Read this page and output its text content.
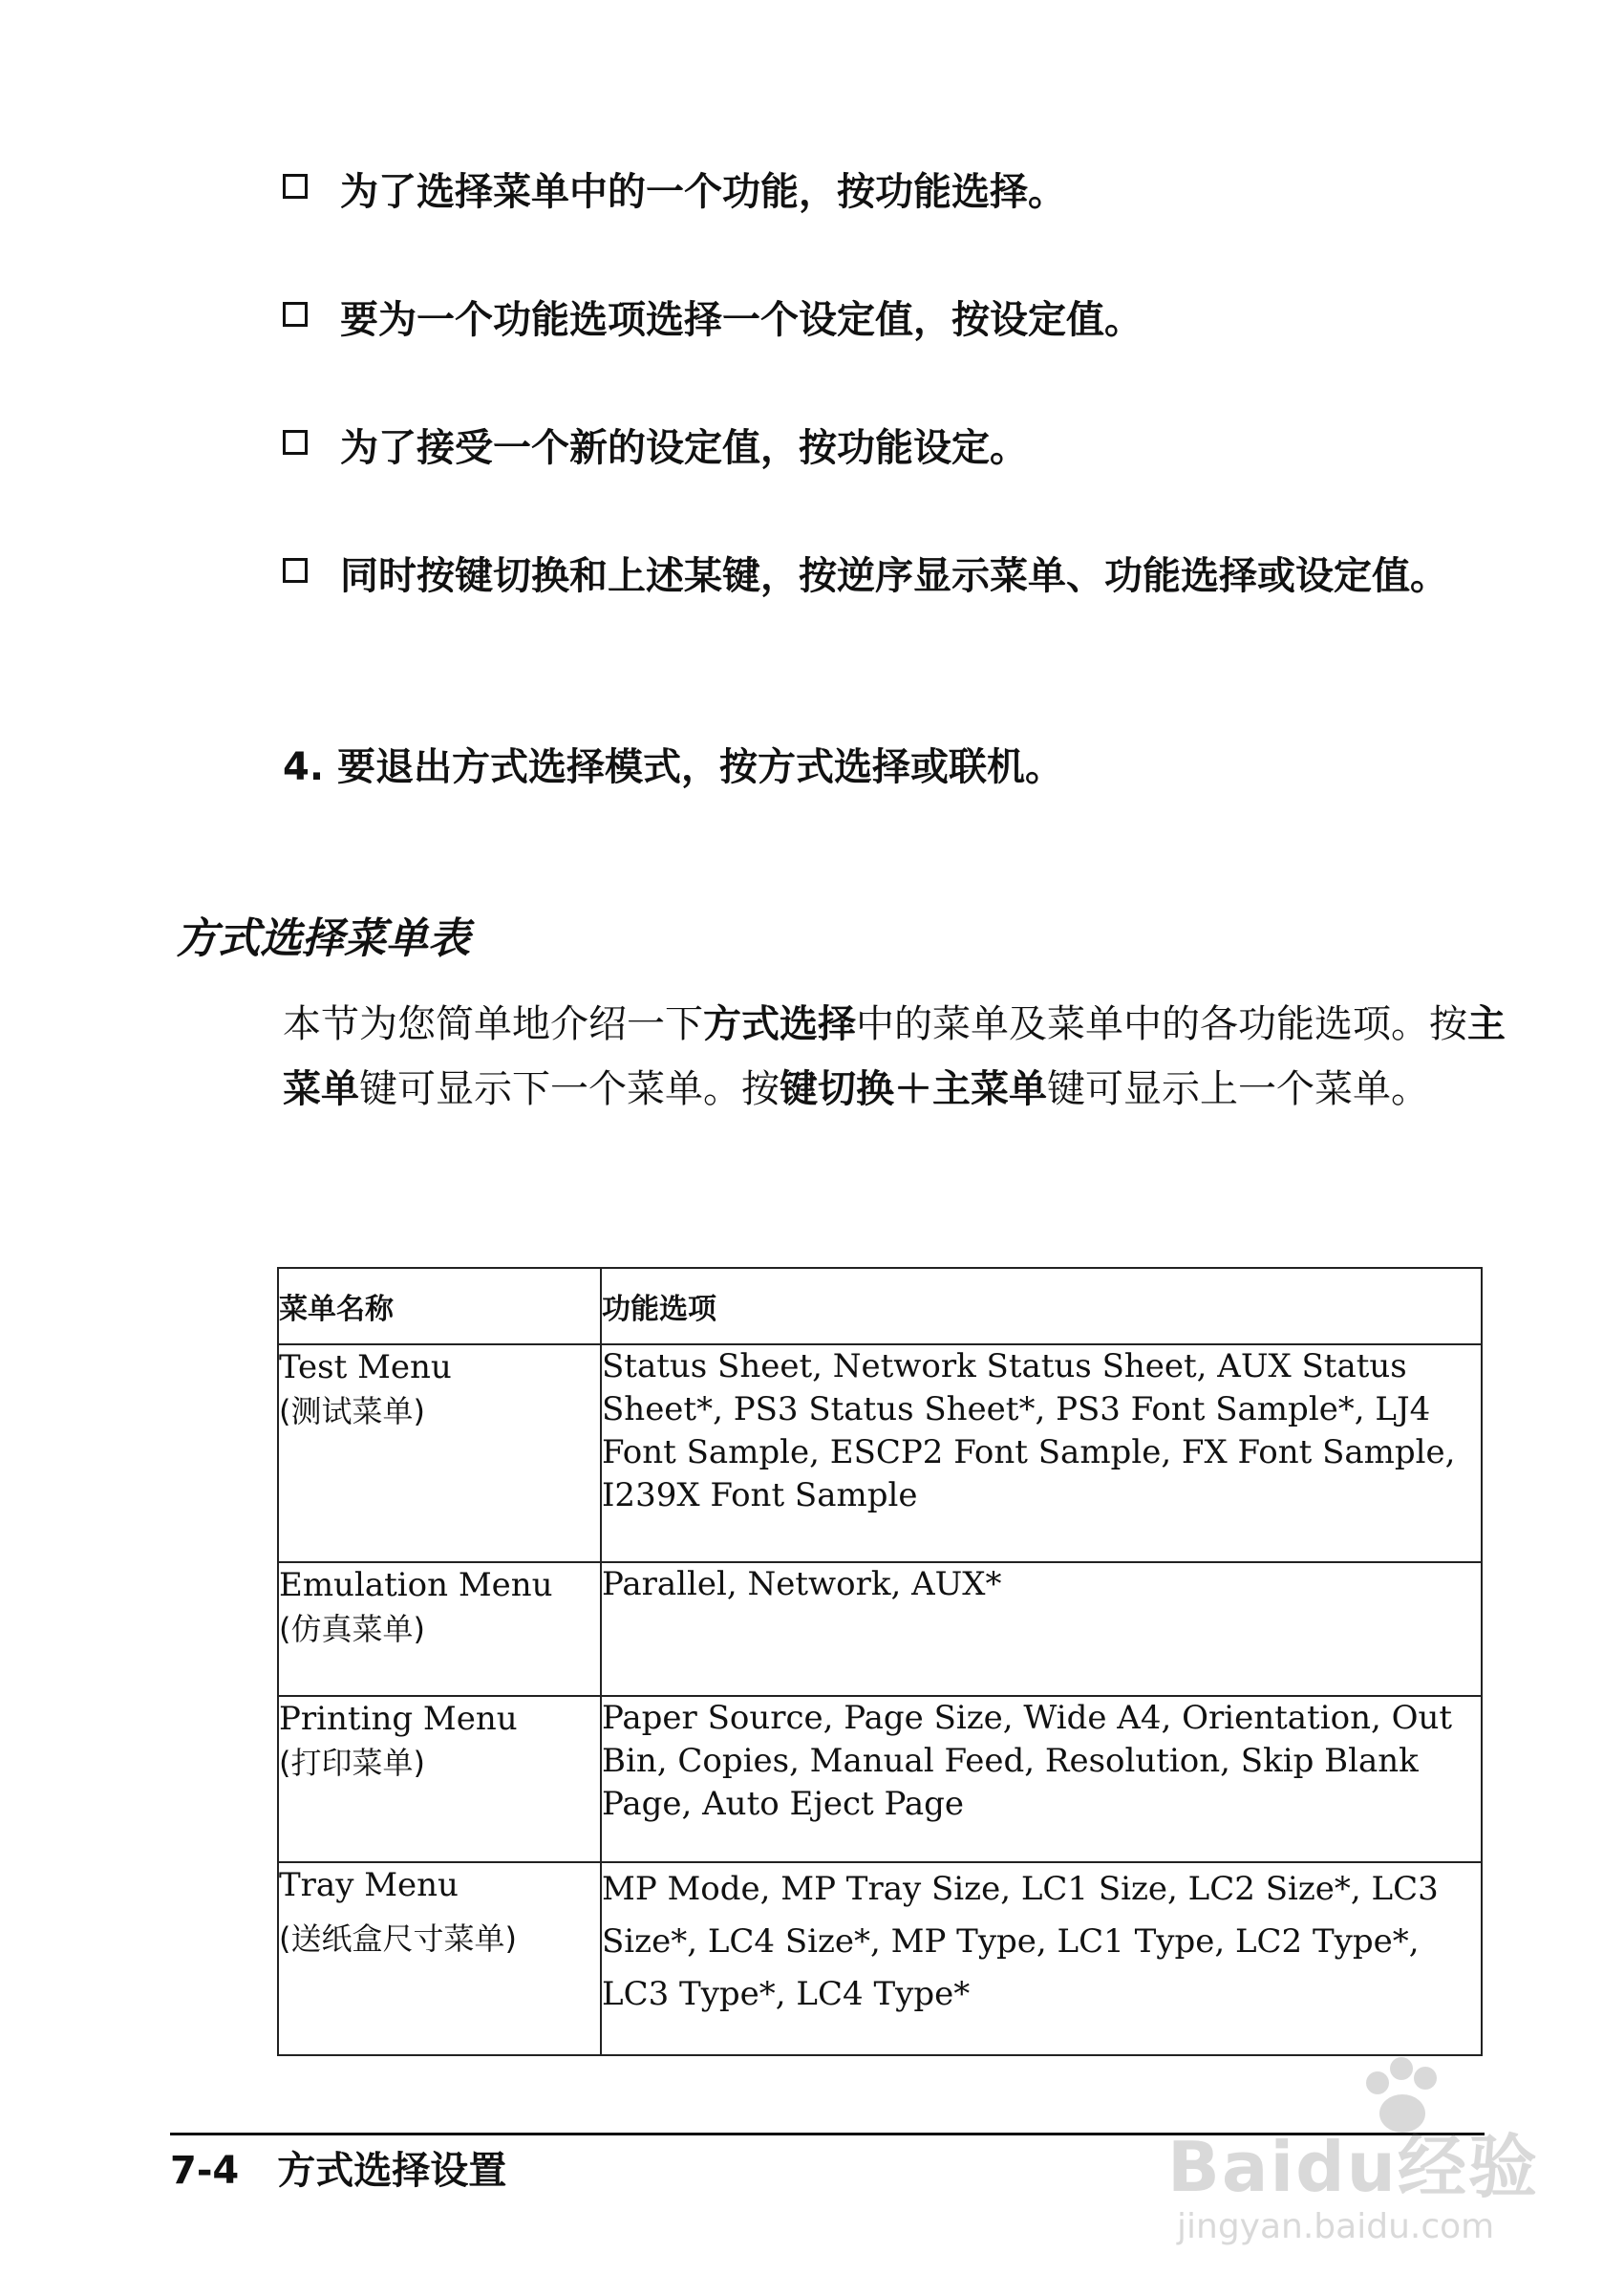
为了选择菜单中的一个功能，按功能选择。
要为一个功能选项选择一个设定值，按设定值。
为了接受一个新的设定值，按功能设定。
同时按键切换和上述某键，按逆序显示菜单、功能选择或设定值。
4. 要退出方式选择模式，按方式选择或联机。
方式选择菜单表
本节为您简单地介绍一下方式选择中的菜单及菜单中的各功能选项。按主菜单键可显示下一个菜单。按键切换＋主菜单键可显示上一个菜单。
菜单名称	功能选项
Test Menu
(测试菜单)	Status Sheet, Network Status Sheet, AUX Status Sheet*, PS3 Status Sheet*, PS3 Font Sample*, LJ4 Font Sample, ESCP2 Font Sample, FX Font Sample, I239X Font Sample
Emulation Menu
(仿真菜单)	Parallel, Network, AUX*
Printing Menu
(打印菜单)	Paper Source, Page Size, Wide A4, Orientation, Out Bin, Copies, Manual Feed, Resolution, Skip Blank Page, Auto Eject Page
Tray Menu
(送纸盒尺寸菜单)	MP Mode, MP Tray Size, LC1 Size, LC2 Size*, LC3 Size*, LC4 Size*, MP Type, LC1 Type, LC2 Type*, LC3 Type*, LC4 Type*
7-4　方式选择设置	Baidu经验
jingyan.baidu.com
